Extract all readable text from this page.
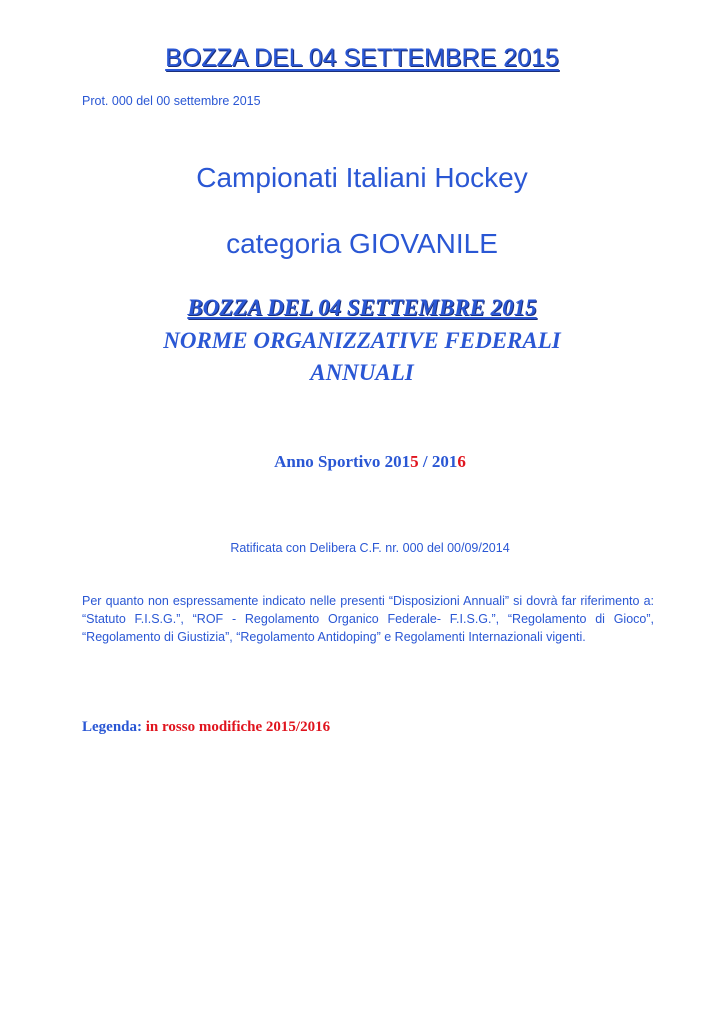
BOZZA DEL 04 SETTEMBRE 2015
Prot. 000 del 00 settembre 2015
Campionati Italiani Hockey
categoria GIOVANILE
BOZZA DEL 04 SETTEMBRE 2015
NORME ORGANIZZATIVE FEDERALI
ANNUALI
Anno Sportivo 2015 / 2016
Ratificata con Delibera C.F. nr. 000 del 00/09/2014
Per quanto non espressamente indicato nelle presenti “Disposizioni Annuali” si dovrà far riferimento a: “Statuto F.I.S.G.”, “ROF - Regolamento Organico Federale- F.I.S.G.”, “Regolamento di Gioco”, “Regolamento di Giustizia”, “Regolamento Antidoping” e Regolamenti Internazionali vigenti.
Legenda: in rosso modifiche 2015/2016
